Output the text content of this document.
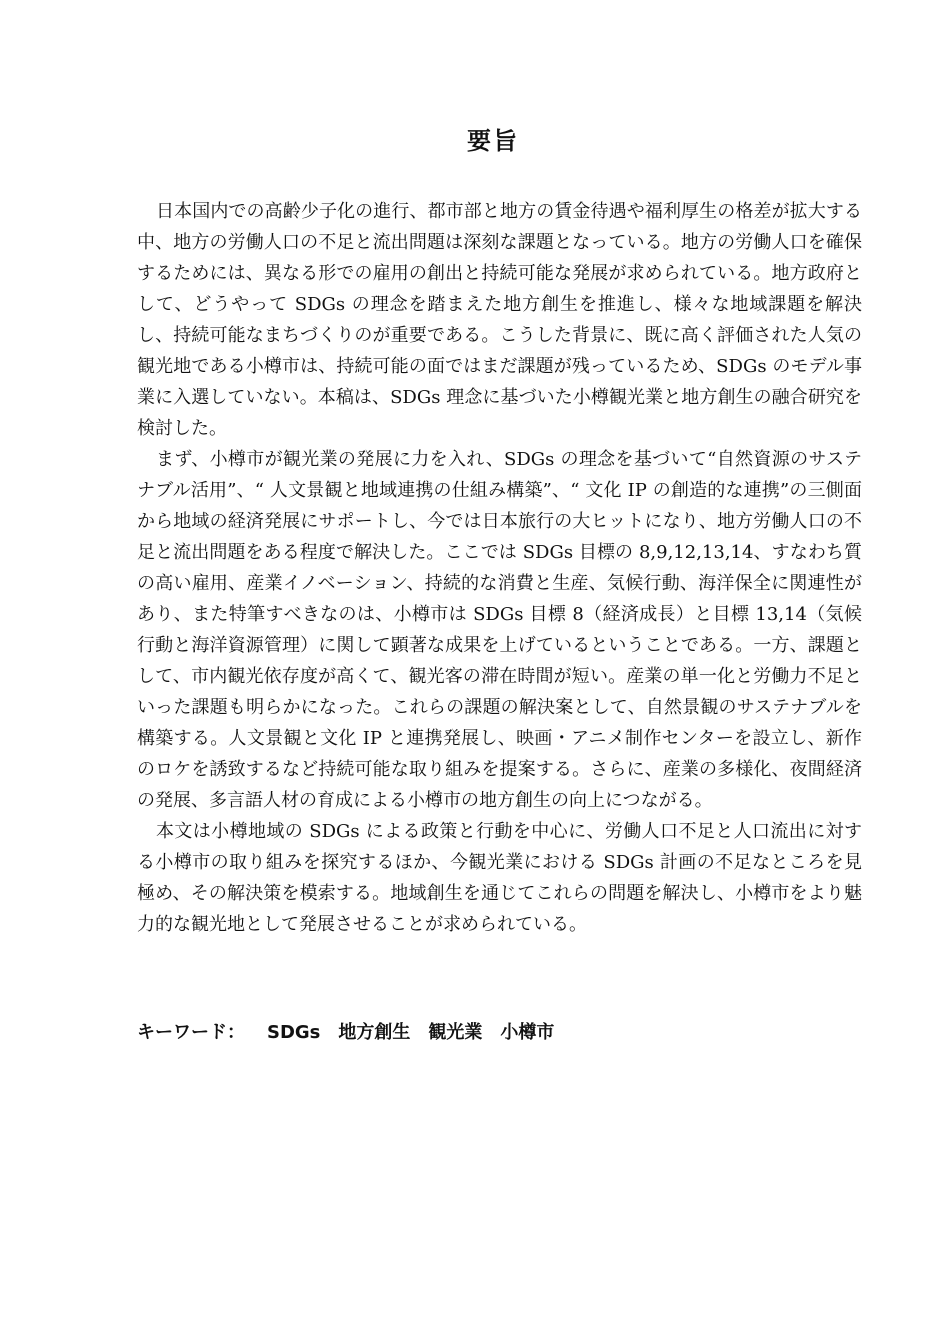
要旨

日本国内での高齢少子化の進行、都市部と地方の賃金待遇や福利厚生の格差が拡大する中、地方の労働人口の不足と流出問題は深刻な課題となっている。地方の労働人口を確保するためには、異なる形での雇用の創出と持続可能な発展が求められている。地方政府として、どうやって SDGs の理念を踏まえた地方創生を推進し、様々な地域課題を解決し、持続可能なまちづくりのが重要である。こうした背景に、既に高く評価された人気の観光地である小樽市は、持続可能の面ではまだ課題が残っているため、SDGs のモデル事業に入選していない。本稿は、SDGs 理念に基づいた小樽観光業と地方創生の融合研究を検討した。

まず、小樽市が観光業の発展に力を入れ、SDGs の理念を基づいて“自然資源のサステナブル活用”、“ 人文景観と地域連携の仕組み構築”、“ 文化 IP の創造的な連携”の三側面から地域の経済発展にサポートし、今では日本旅行の大ヒットになり、地方労働人口の不足と流出問題をある程度で解決した。ここでは SDGs 目標の 8,9,12,13,14、すなわち質の高い雇用、産業イノベーション、持続的な消費と生産、気候行動、海洋保全に関連性があり、また特筆すべきなのは、小樽市は SDGs 目標 8（経済成長）と目標 13,14（気候行動と海洋資源管理）に関して顕著な成果を上げているということである。一方、課題として、市内観光依存度が高くて、観光客の滞在時間が短い。産業の単一化と労働力不足といった課題も明らかになった。これらの課題の解決案として、自然景観のサステナブルを構築する。人文景観と文化 IP と連携発展し、映画・アニメ制作センターを設立し、新作のロケを誘致するなど持続可能な取り組みを提案する。さらに、産業の多様化、夜間経済の発展、多言語人材の育成による小樽市の地方創生の向上につながる。

本文は小樽地域の SDGs による政策と行動を中心に、労働人口不足と人口流出に対する小樽市の取り組みを探究するほか、今観光業における SDGs 計画の不足なところを見極め、その解決策を模索する。地域創生を通じてこれらの問題を解決し、小樽市をより魅力的な観光地として発展させることが求められている。

キーワード： SDGs 地方創生 観光業 小樽市
